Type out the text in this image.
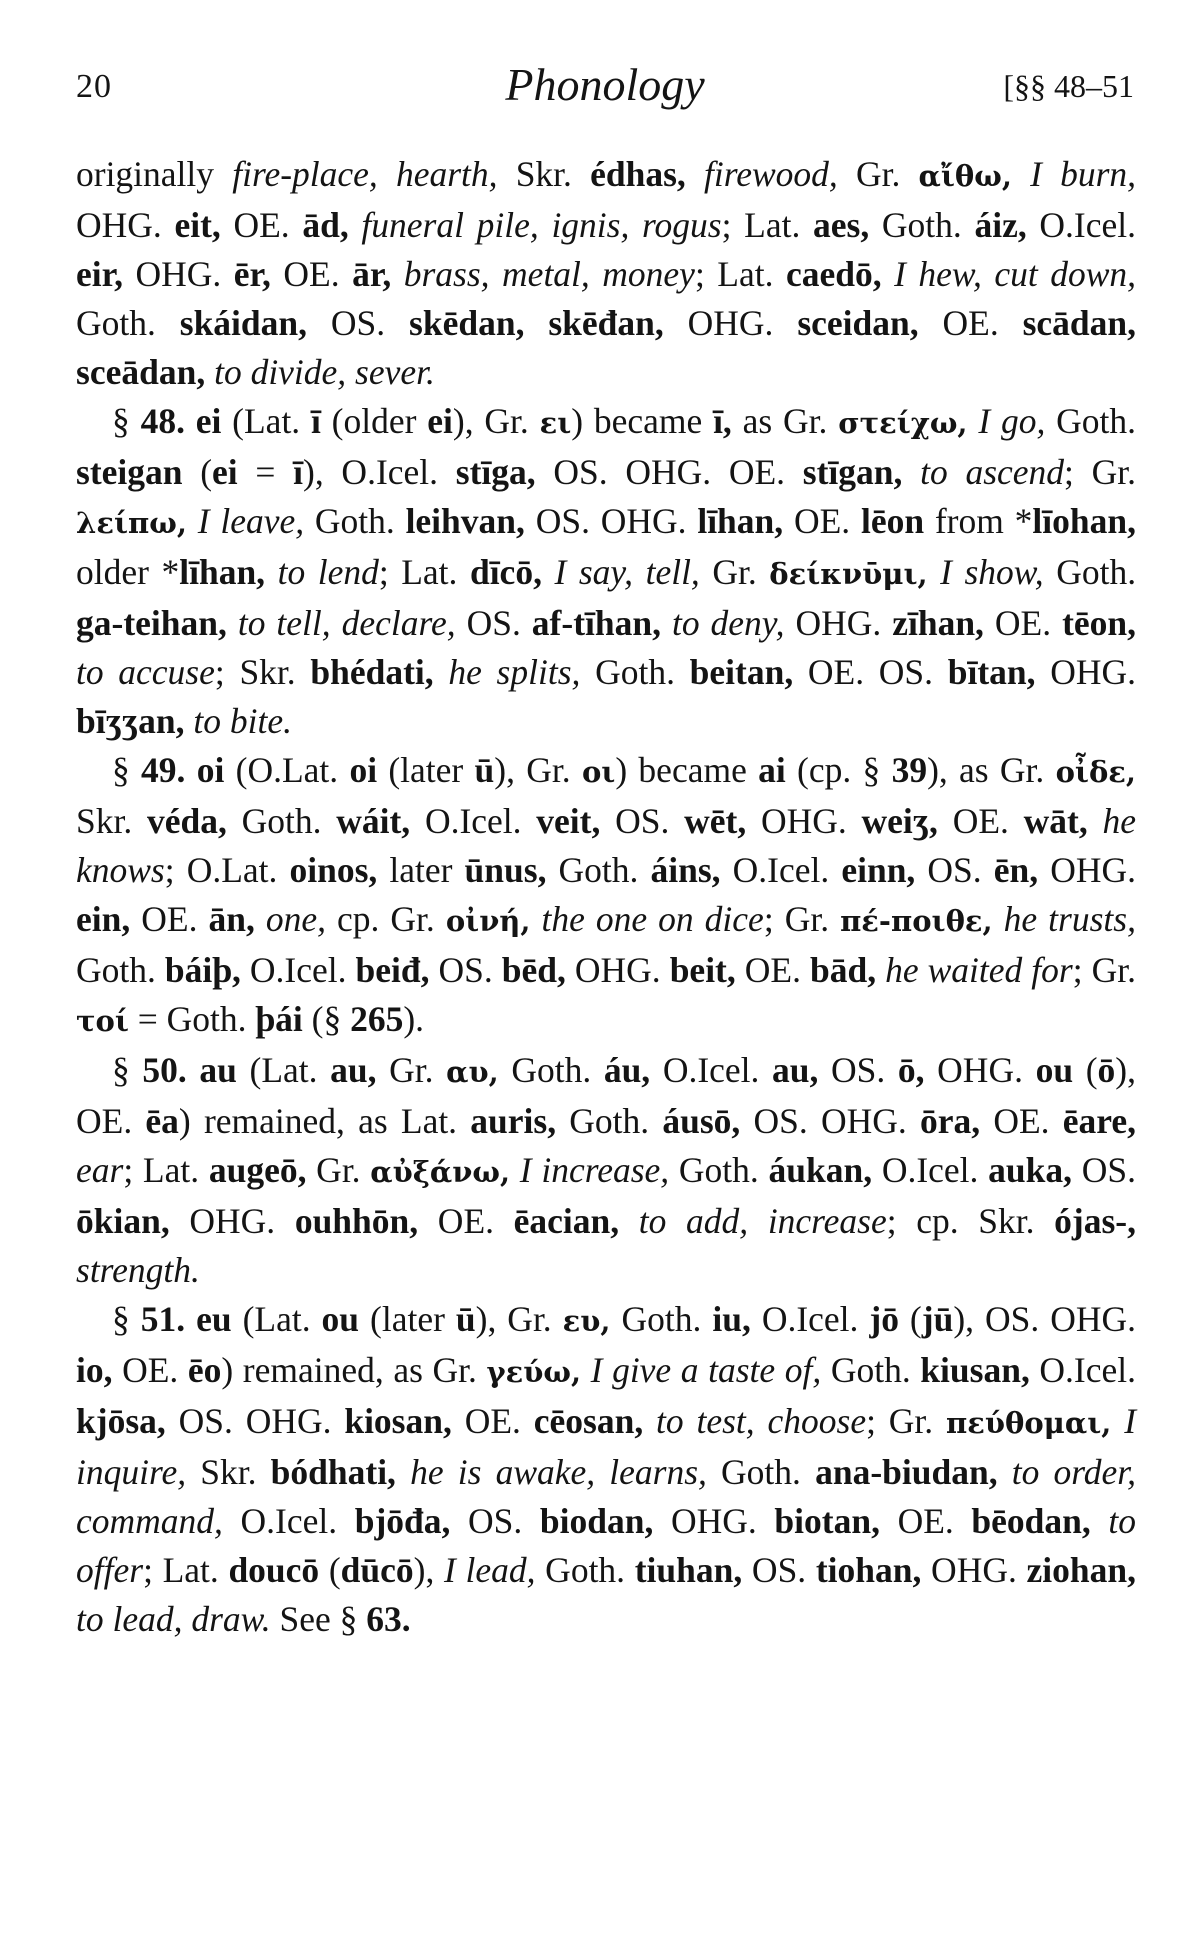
20	Phonology	[§§ 48–51

originally fire-place, hearth, Skr. édhas, firewood, Gr. αἴθω, I burn, OHG. eit, OE. ād, funeral pile, ignis, rogus; Lat. aes, Goth. áiz, O.Icel. eir, OHG. ēr, OE. ār, brass, metal, money; Lat. caedō, I hew, cut down, Goth. skáidan, OS. skēdan, skēđan, OHG. sceidan, OE. scādan, sceādan, to divide, sever.

§ 48. ei (Lat. ī (older ei), Gr. ει) became ī, as Gr. στείχω, I go, Goth. steigan (ei = ī), O.Icel. stīga, OS. OHG. OE. stīgan, to ascend; Gr. λείπω, I leave, Goth. leihvan, OS. OHG. līhan, OE. lēon from *līohan, older *līhan, to lend; Lat. dīcō, I say, tell, Gr. δείκνῡμι, I show, Goth. ga-teihan, to tell, declare, OS. af-tīhan, to deny, OHG. zīhan, OE. tēon, to accuse; Skr. bhédati, he splits, Goth. beitan, OE. OS. bītan, OHG. bīʒʒan, to bite.

§ 49. oi (O.Lat. oi (later ū), Gr. οι) became ai (cp. § 39), as Gr. οἶδε, Skr. véda, Goth. wáit, O.Icel. veit, OS. wēt, OHG. weiʒ, OE. wāt, he knows; O.Lat. oinos, later ūnus, Goth. áins, O.Icel. einn, OS. ēn, OHG. ein, OE. ān, one, cp. Gr. οἰνή, the one on dice; Gr. πέ-ποιθε, he trusts, Goth. báiþ, O.Icel. beiđ, OS. bēd, OHG. beit, OE. bād, he waited for; Gr. τοί = Goth. þái (§ 265).

§ 50. au (Lat. au, Gr. αυ, Goth. áu, O.Icel. au, OS. ō, OHG. ou (ō), OE. ēa) remained, as Lat. auris, Goth. áusō, OS. OHG. ōra, OE. ēare, ear; Lat. augeō, Gr. αὐξάνω, I increase, Goth. áukan, O.Icel. auka, OS. ōkian, OHG. ouhhōn, OE. ēacian, to add, increase; cp. Skr. ójas-, strength.

§ 51. eu (Lat. ou (later ū), Gr. ευ, Goth. iu, O.Icel. jō (jū), OS. OHG. io, OE. ēo) remained, as Gr. γεύω, I give a taste of, Goth. kiusan, O.Icel. kjōsa, OS. OHG. kiosan, OE. cēosan, to test, choose; Gr. πεύθομαι, I inquire, Skr. bódhati, he is awake, learns, Goth. ana-biudan, to order, command, O.Icel. bjōđa, OS. biodan, OHG. biotan, OE. bēodan, to offer; Lat. doucō (dūcō), I lead, Goth. tiuhan, OS. tiohan, OHG. ziohan, to lead, draw. See § 63.
